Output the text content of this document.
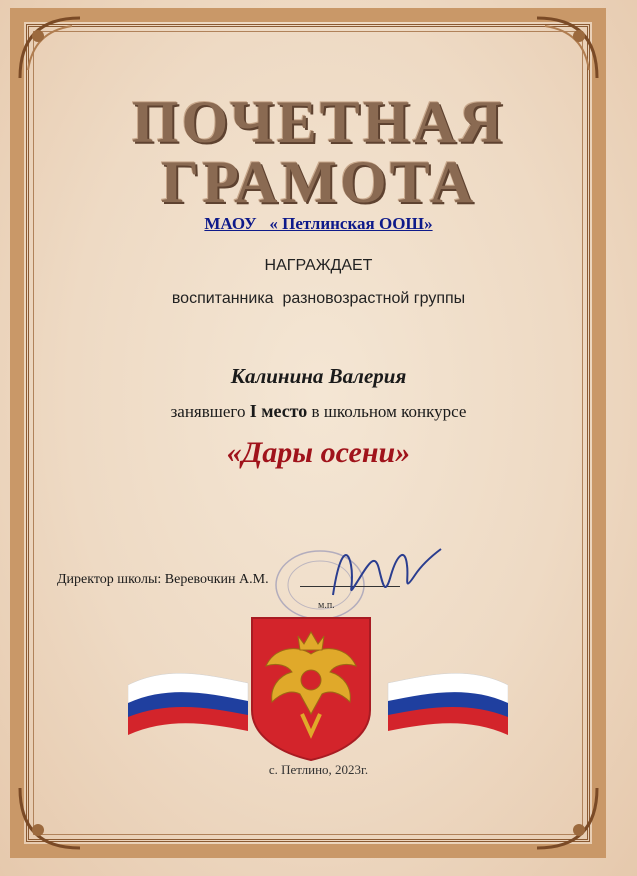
ПОЧЕТНАЯ
ГРАМОТА
МАОУ   « Петлинская ООШ»
НАГРАЖДАЕТ
воспитанника  разновозрастной группы
Калинина Валерия
занявшего I место в школьном конкурсе
«Дары осени»
Директор школы: Веревочкин А.М.
м.п.
с. Петлино, 2023г.
